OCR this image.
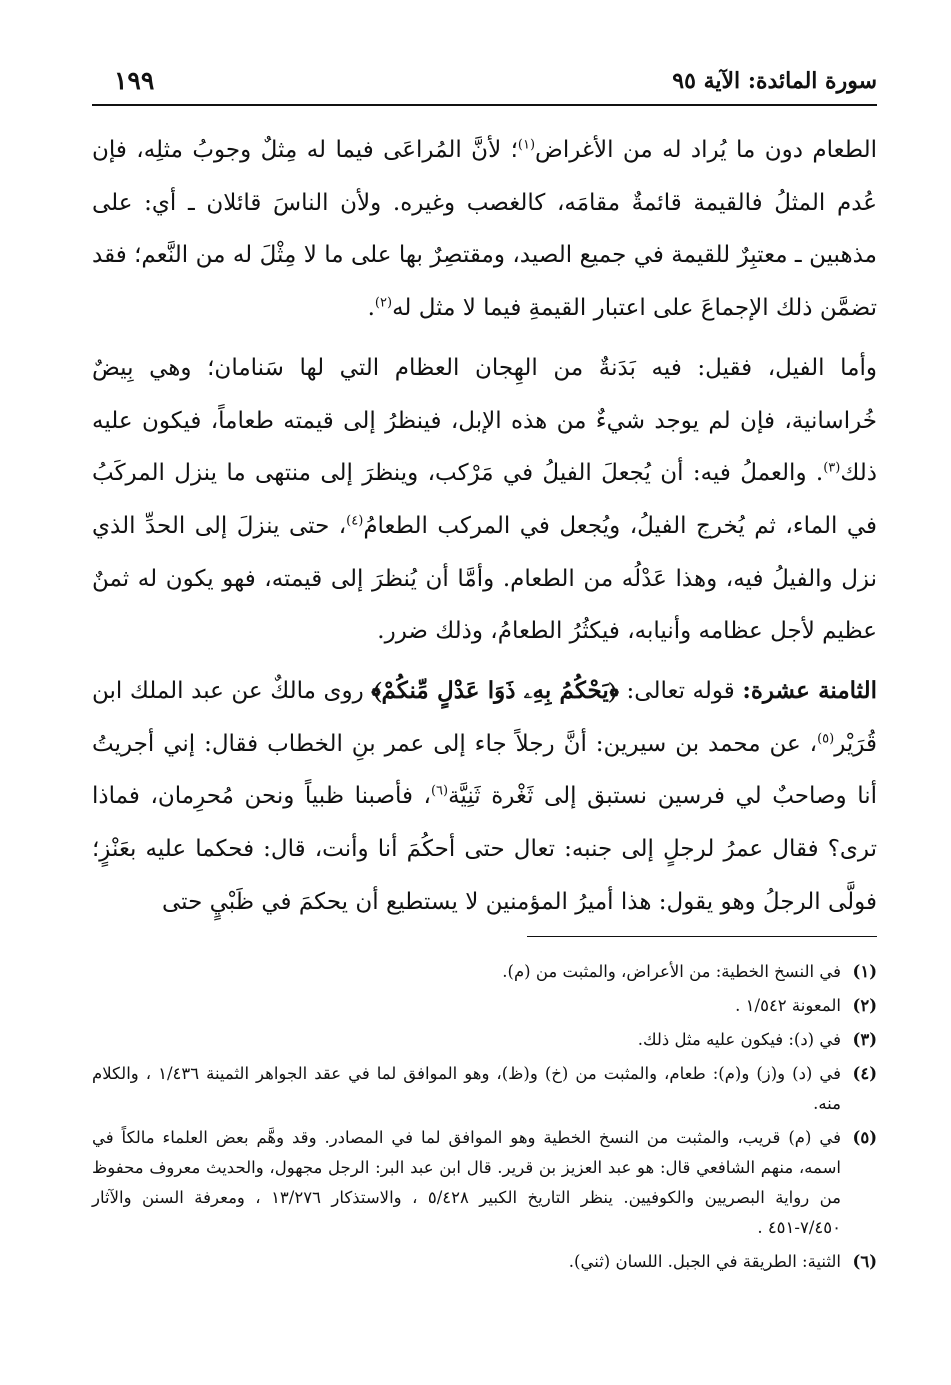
سورة المائدة: الآية ٩٥
١٩٩

الطعام دون ما يُراد له من الأغراض$^{(١)}$؛ لأنَّ المُراعَى فيما له مِثلٌ وجوبُ مثلِه، فإن عُدم المثلُ فالقيمة قائمةٌ مقامَه، كالغصب وغيره. ولأن الناسَ قائلان ـ أي: على مذهبين ـ معتبِرٌ للقيمة في جميع الصيد، ومقتصِرٌ بها على ما لا مِثْلَ له من النَّعم؛ فقد تضمَّن ذلك الإجماعَ على اعتبار القيمةِ فيما لا مثل له$^{(٢)}$.

وأما الفيل، فقيل: فيه بَدَنةٌ من الهِجان العظام التي لها سَنامان؛ وهي بِيضٌ خُراسانية، فإن لم يوجد شيءٌ من هذه الإبل، فينظرُ إلى قيمته طعاماً، فيكون عليه ذلك$^{(٣)}$. والعملُ فيه: أن يُجعلَ الفيلُ في مَرْكب، وينظرَ إلى منتهى ما ينزل المركَبُ في الماء، ثم يُخرج الفيلُ، ويُجعل في المركب الطعامُ$^{(٤)}$، حتى ينزلَ إلى الحدِّ الذي نزل والفيلُ فيه، وهذا عَدْلُه من الطعام. وأمَّا أن يُنظرَ إلى قيمته، فهو يكون له ثمنٌ عظيم لأجل عظامه وأنيابه، فيكثُرُ الطعامُ، وذلك ضرر.

الثامنة عشرة: قوله تعالى: ﴿يَحْكُمُ بِهِۦ ذَوَا عَدْلٍ مِّنكُمْ﴾ روى مالكٌ عن عبد الملك ابن قُرَيْر$^{(٥)}$، عن محمد بن سيرين: أنَّ رجلاً جاء إلى عمر بنِ الخطاب فقال: إني أجريتُ أنا وصاحبٌ لي فرسين نستبق إلى ثَغْرة ثَنِيَّة$^{(٦)}$، فأصبنا ظبياً ونحن مُحرِمان، فماذا ترى؟ فقال عمرُ لرجلٍ إلى جنبه: تعال حتى أحكُمَ أنا وأنت، قال: فحكما عليه بعَنْزٍ؛ فولَّى الرجلُ وهو يقول: هذا أميرُ المؤمنين لا يستطيع أن يحكمَ في ظَبْيٍ حتى

(١)
في النسخ الخطية: من الأعراض، والمثبت من (م).
(٢)
المعونة ١/٥٤٢ .
(٣)
في (د): فيكون عليه مثل ذلك.
(٤)
في (د) و(ز) و(م): طعام، والمثبت من (خ) و(ظ)، وهو الموافق لما في عقد الجواهر الثمينة ١/٤٣٦ ، والكلام منه.
(٥)
في (م) قريب، والمثبت من النسخ الخطية وهو الموافق لما في المصادر. وقد وهَّم بعض العلماء مالكاً في اسمه، منهم الشافعي قال: هو عبد العزيز بن قرير. قال ابن عبد البر: الرجل مجهول، والحديث معروف محفوظ من رواية البصريين والكوفيين. ينظر التاريخ الكبير ٥/٤٢٨ ، والاستذكار ١٣/٢٧٦ ، ومعرفة السنن والآثار ٧/٤٥٠-٤٥١ .
(٦)
الثنية: الطريقة في الجبل. اللسان (ثني).
